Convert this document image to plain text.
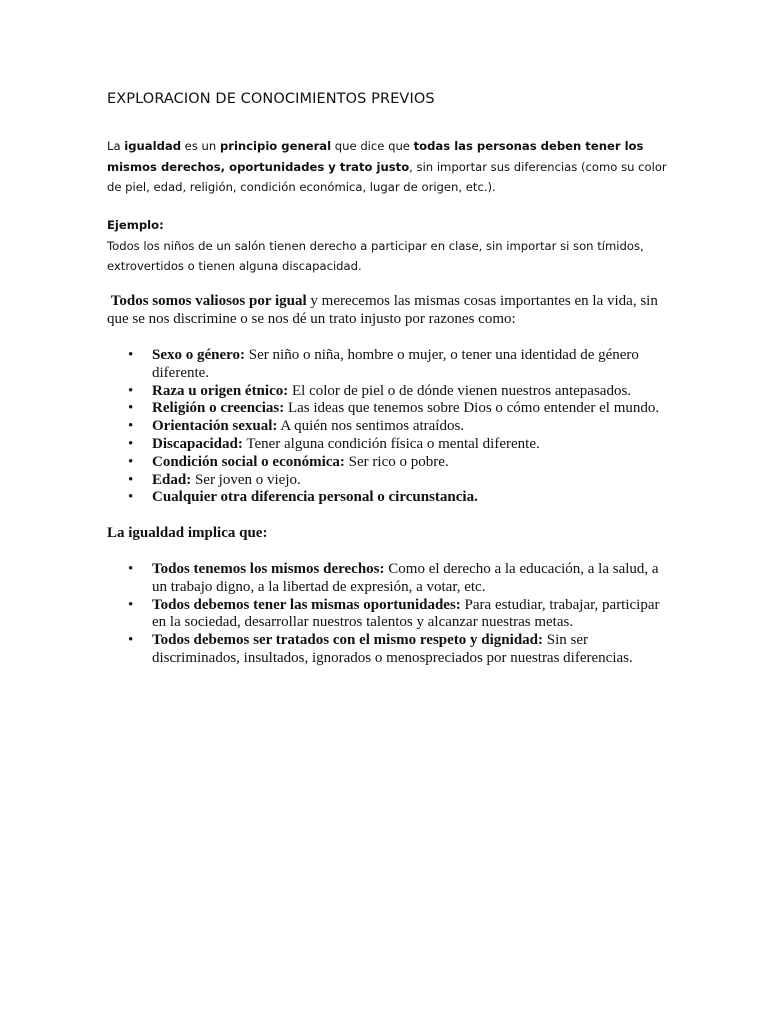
EXPLORACION DE CONOCIMIENTOS PREVIOS
La igualdad es un principio general que dice que todas las personas deben tener los mismos derechos, oportunidades y trato justo, sin importar sus diferencias (como su color de piel, edad, religión, condición económica, lugar de origen, etc.).
Ejemplo:
Todos los niños de un salón tienen derecho a participar en clase, sin importar si son tímidos, extrovertidos o tienen alguna discapacidad.
Todos somos valiosos por igual y merecemos las mismas cosas importantes en la vida, sin que se nos discrimine o se nos dé un trato injusto por razones como:
• Sexo o género: Ser niño o niña, hombre o mujer, o tener una identidad de género diferente.
• Raza u origen étnico: El color de piel o de dónde vienen nuestros antepasados.
• Religión o creencias: Las ideas que tenemos sobre Dios o cómo entender el mundo.
• Orientación sexual: A quién nos sentimos atraídos.
• Discapacidad: Tener alguna condición física o mental diferente.
• Condición social o económica: Ser rico o pobre.
• Edad: Ser joven o viejo.
• Cualquier otra diferencia personal o circunstancia.
La igualdad implica que:
• Todos tenemos los mismos derechos: Como el derecho a la educación, a la salud, a un trabajo digno, a la libertad de expresión, a votar, etc.
• Todos debemos tener las mismas oportunidades: Para estudiar, trabajar, participar en la sociedad, desarrollar nuestros talentos y alcanzar nuestras metas.
• Todos debemos ser tratados con el mismo respeto y dignidad: Sin ser discriminados, insultados, ignorados o menospreciados por nuestras diferencias.
